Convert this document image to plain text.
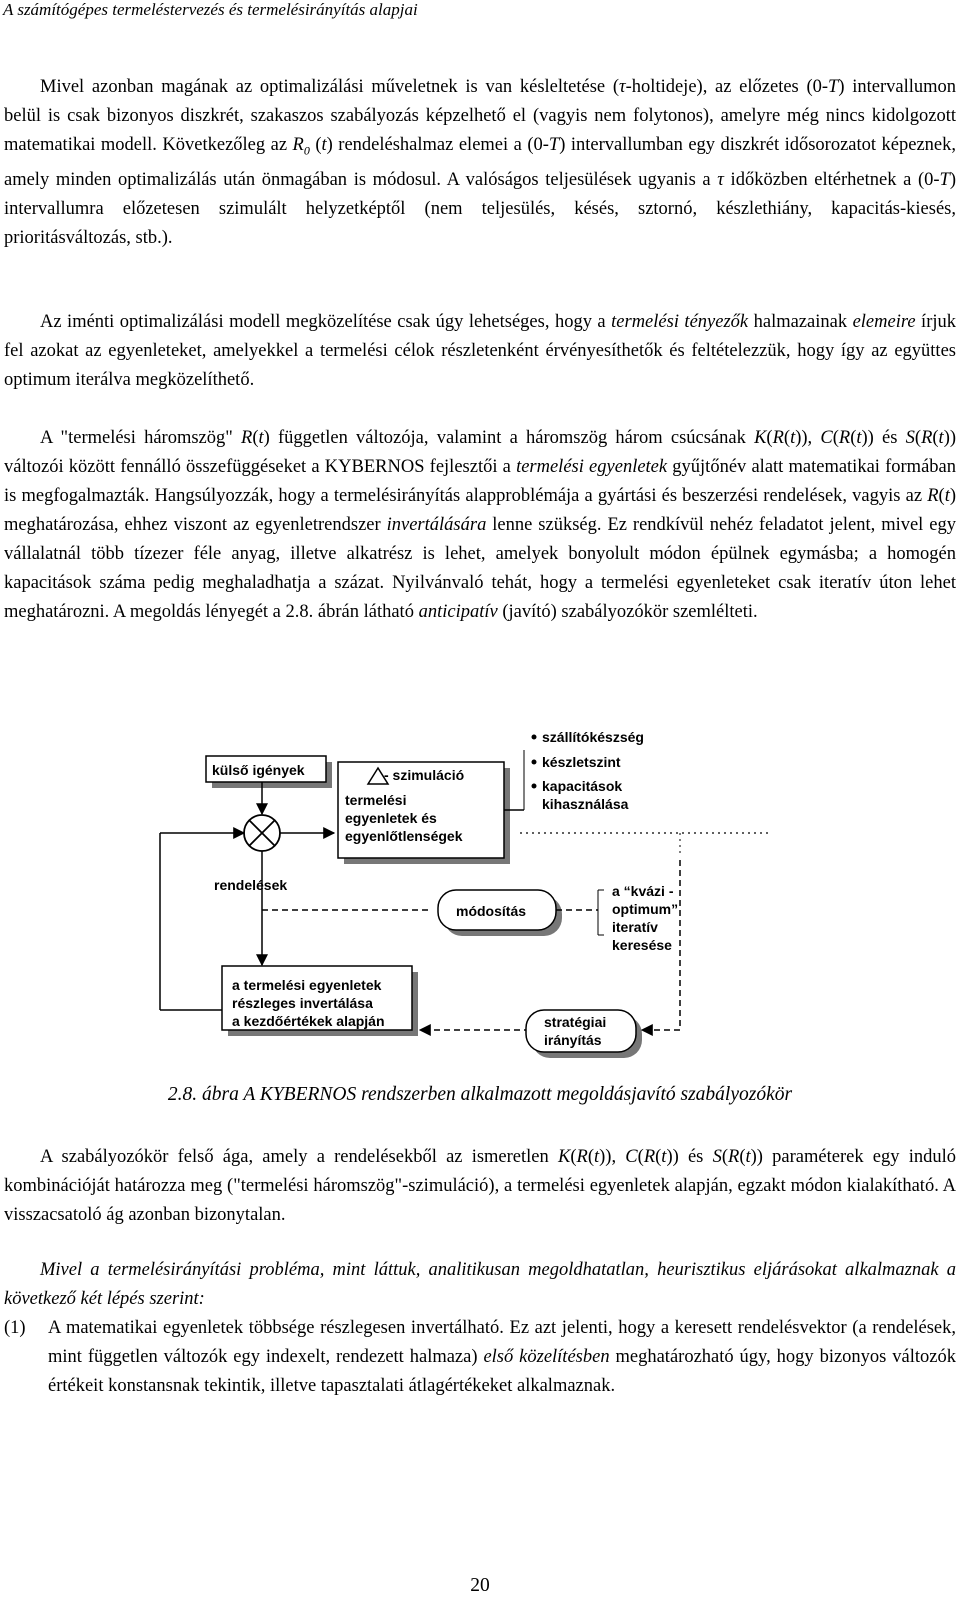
A számítógépes termeléstervezés és termelésirányítás alapjai

Mivel azonban magának az optimalizálási műveletnek is van késleltetése (τ-holtideje), az előzetes (0-T) intervallumon belül is csak bizonyos diszkrét, szakaszos szabályozás képzelhető el (vagyis nem folytonos), amelyre még nincs kidolgozott matematikai modell. Következőleg az $R_0$ (t) rendeléshalmaz elemei a (0-T) intervallumban egy diszkrét idősorozatot képeznek, amely minden optimalizálás után önmagában is módosul. A valóságos teljesülések ugyanis a τ időközben eltérhetnek a (0-T) intervallumra előzetesen szimulált helyzetképtől (nem teljesülés, késés, sztornó, készlethiány, kapacitás-kiesés, prioritásváltozás, stb.).

Az iménti optimalizálási modell megközelítése csak úgy lehetséges, hogy a termelési tényezők halmazainak elemeire írjuk fel azokat az egyenleteket, amelyekkel a termelési célok részletenként érvényesíthetők és feltételezzük, hogy így az együttes optimum iterálva megközelíthető.

A "termelési háromszög" R(t) független változója, valamint a háromszög három csúcsának K(R(t)), C(R(t)) és S(R(t)) változói között fennálló összefüggéseket a KYBERNOS fejlesztői a termelési egyenletek gyűjtőnév alatt matematikai formában is megfogalmazták. Hangsúlyozzák, hogy a termelésirányítás alapproblémája a gyártási és beszerzési rendelések, vagyis az R(t) meghatározása, ehhez viszont az egyenletrendszer invertálására lenne szükség. Ez rendkívül nehéz feladatot jelent, mivel egy vállalatnál több tízezer féle anyag, illetve alkatrész is lehet, amelyek bonyolult módon épülnek egymásba; a homogén kapacitások száma pedig meghaladhatja a százat. Nyilvánvaló tehát, hogy a termelési egyenleteket csak iteratív úton lehet meghatározni. A megoldás lényegét a 2.8. ábrán látható anticipatív (javító) szabályozókör szemlélteti.

külső igények	- szimuláció
termelési
egyenletek és
egyenlőtlenségek
szállítókészség
készletszint
kapacitások
kihasználása
rendelések
módosítás
a “kvázi -
optimum”
iteratív
keresése
a termelési egyenletek
részleges invertálása
a kezdőértékek alapján	stratégiai
irányítás
2.8. ábra A KYBERNOS rendszerben alkalmazott megoldásjavító szabályozókör

A szabályozókör felső ága, amely a rendelésekből az ismeretlen K(R(t)), C(R(t)) és S(R(t)) paraméterek egy induló kombinációját határozza meg ("termelési háromszög"-szimuláció), a termelési egyenletek alapján, egzakt módon kialakítható. A visszacsatoló ág azonban bizonytalan.

Mivel a termelésirányítási probléma, mint láttuk, analitikusan megoldhatatlan, heurisztikus eljárásokat alkalmaznak a következő két lépés szerint:

(1) A matematikai egyenletek többsége részlegesen invertálható. Ez azt jelenti, hogy a keresett rendelésvektor (a rendelések, mint független változók egy indexelt, rendezett halmaza) első közelítésben meghatározható úgy, hogy bizonyos változók értékeit konstansnak tekintik, illetve tapasztalati átlagértékeket alkalmaznak.
20
